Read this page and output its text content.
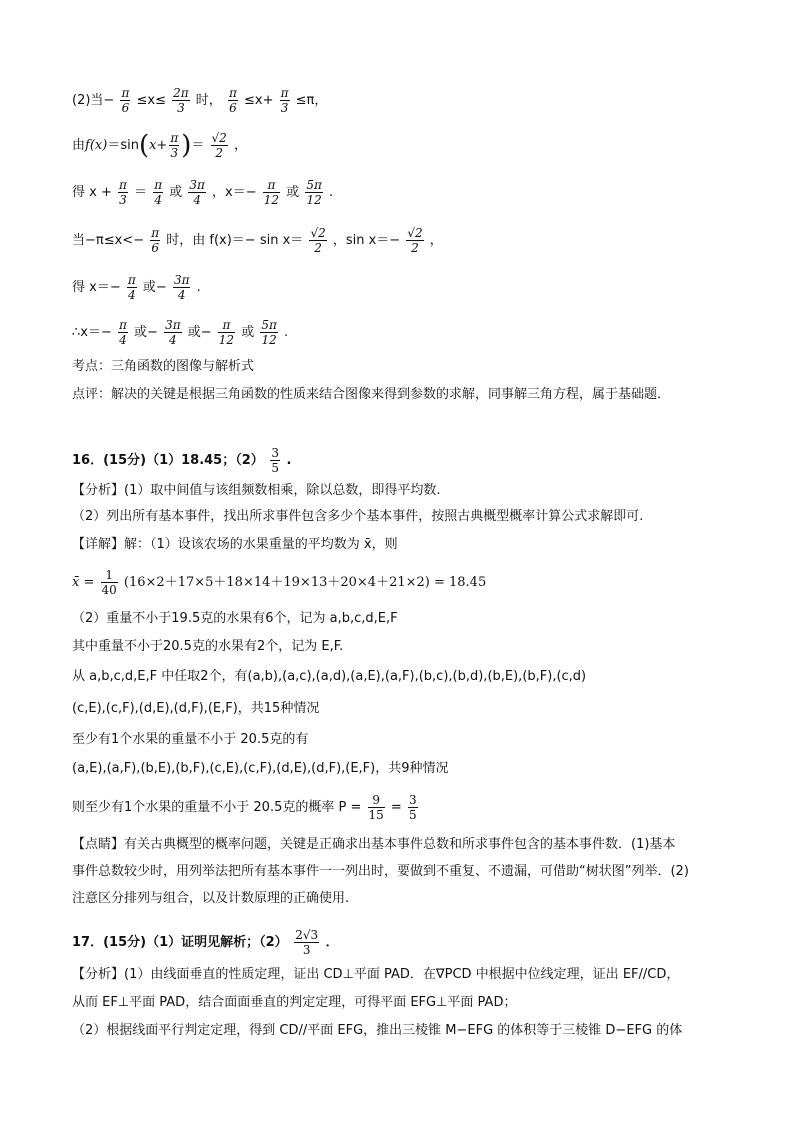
(2)当− $\frac{\pi}{6} \le x\le \frac{2\pi}{3}$ 时， $\frac{\pi}{6} \le x+ \frac{\pi}{3} \le\pi$，
由$f(x)=\sin(x+ \frac{\pi}{3}$ )＝ $\frac{√2}{2}$ ，
得 $x + \frac{\pi}{3} = \frac{\pi}{4}$ 或 $\frac{3\pi}{4}$ ，$x=- \frac{\pi}{12}$ 或 $\frac{5\pi}{12}$ .
当$-\pi\le x<- \frac{\pi}{6}$ 时，由 $f(x)=- \sin x= \frac{√2}{2}$ ，$\sin x=- \frac{√2}{2}$ ，
得 $x=- \frac{\pi}{4}$ 或− $\frac{3\pi}{4}$ .
∴x＝− $\frac{\pi}{4}$ 或− $\frac{3\pi}{4}$ 或− $\frac{\pi}{12}$ 或 $\frac{5\pi}{12}$ .
考点：三角函数的图像与解析式
点评：解决的关键是根据三角函数的性质来结合图像来得到参数的求解，同事解三角方程，属于基础题．
16．(15分)（1）18.45；$(2) \frac{3}{5}$ .
【分析】(1）取中间值与该组频数相乘，除以总数，即得平均数.
（2）列出所有基本事件，找出所求事件包含多少个基本事件，按照古典概型概率计算公式求解即可.
【详解】解：（1）设该农场的水果重量的平均数为 x̄，则
x̄ = $\frac{1}{40} (16\times 2+17\times 5+18\times 14+19\times 13+20\times 4+21\times 2) = 18.45$
（2）重量不小于19.5克的水果有6个，记为 a,b,c,d,E,F
其中重量不小于20.5克的水果有2个，记为 E,F.
从 a,b,c,d,E,F 中任取2个，有(a,b),(a,c),(a,d),(a,E),(a,F),(b,c),(b,d),(b,E),(b,F),(c,d)
(c,E),(c,F),(d,E),(d,F),(E,F)，共15种情况
至少有1个水果的重量不小于 20.5克的有
(a,E),(a,F),(b,E),(b,F),(c,E),(c,F),(d,E),(d,F),(E,F)，共9种情况
则至少有1个水果的重量不小于 20.5克的概率 $P = \frac{9}{15} = \frac{3}{5}$
【点睛】有关古典概型的概率问题，关键是正确求出基本事件总数和所求事件包含的基本事件数．(1)基本
事件总数较少时，用列举法把所有基本事件一一列出时，要做到不重复、不遗漏，可借助“树状图”列举．(2)
注意区分排列与组合，以及计数原理的正确使用.
17．(15分)（1）证明见解析；$(2) \frac{2√3}{3}$ ．
【分析】(1）由线面垂直的性质定理，证出 CD⊥平面 PAD．在∇PCD 中根据中位线定理，证出 EF//CD，
从而 EF⊥平面 PAD，结合面面垂直的判定定理，可得平面 EFG⊥平面 PAD；
（2）根据线面平行判定定理，得到 CD//平面 EFG，推出三棱锥 M−EFG 的体积等于三棱锥 D−EFG 的体
